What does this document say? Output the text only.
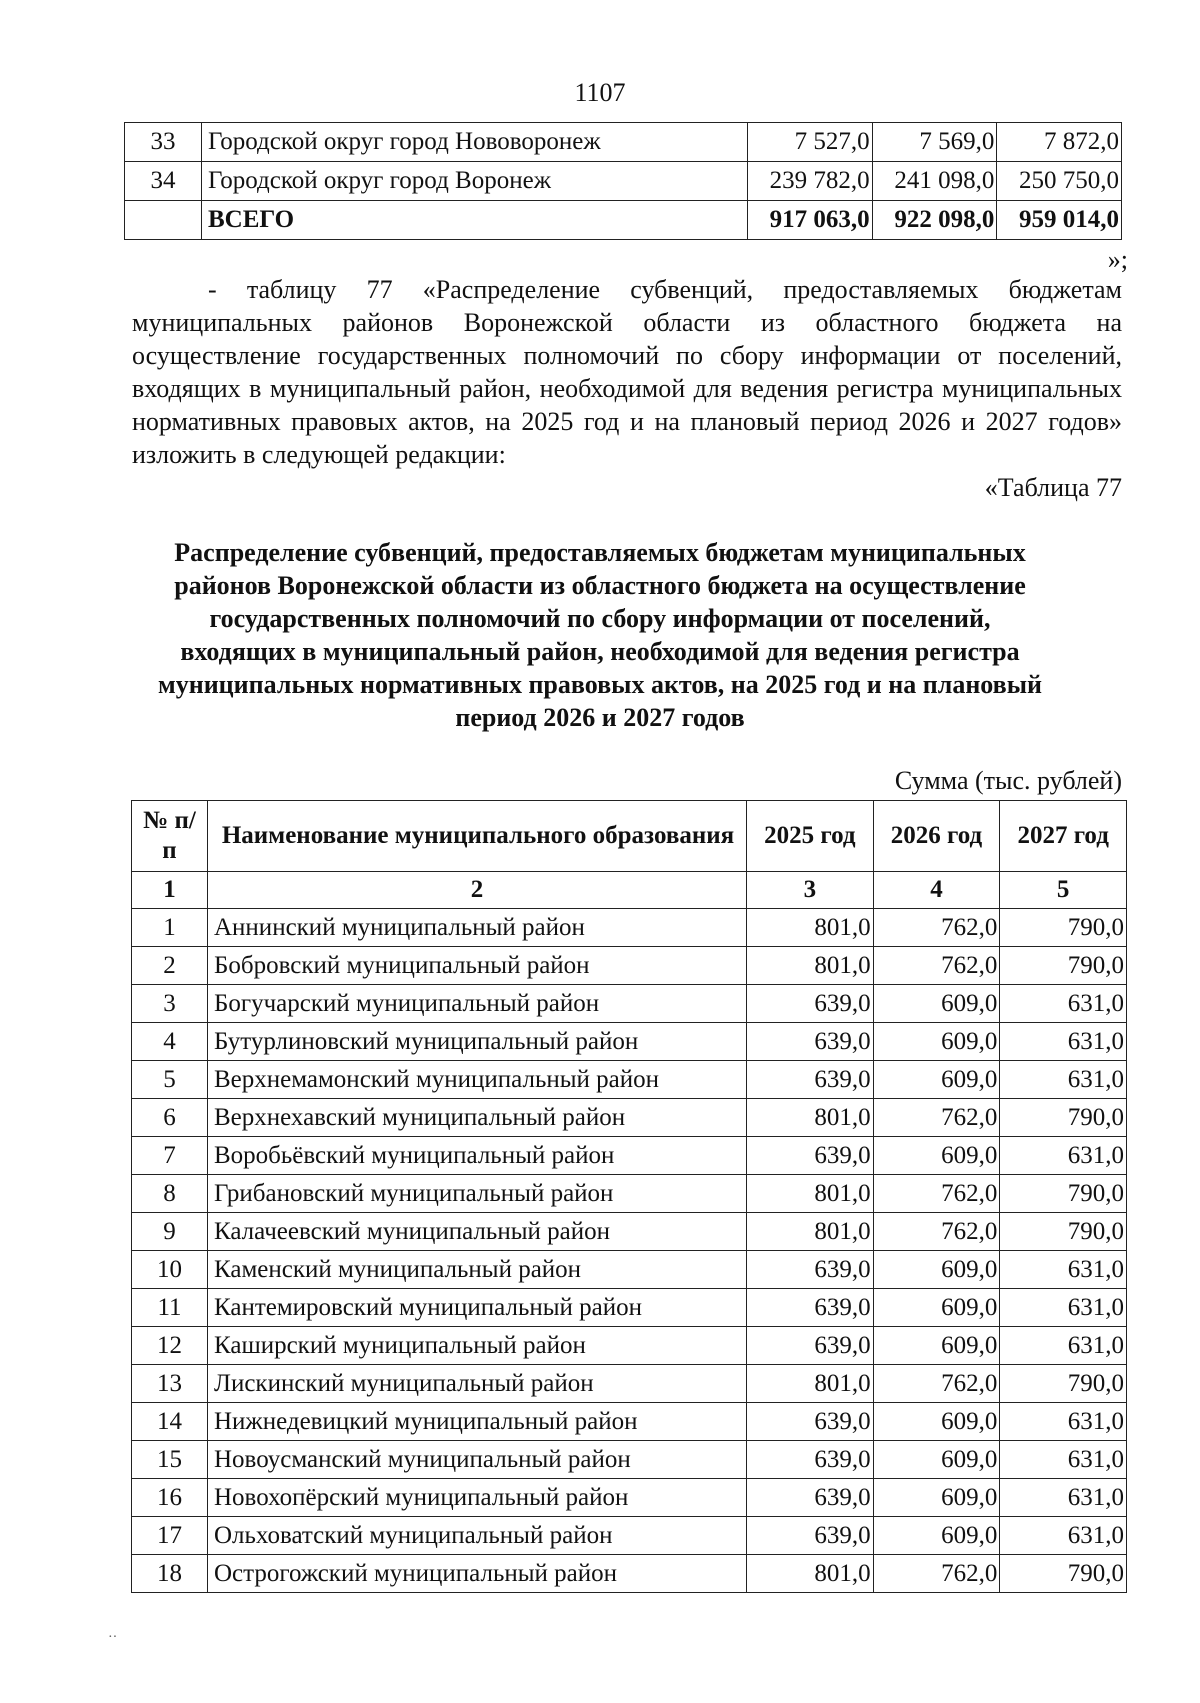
1107
33	Городской округ город Нововоронеж	7 527,0	7 569,0	7 872,0
34	Городской округ город Воронеж	239 782,0	241 098,0	250 750,0
	ВСЕГО	917 063,0	922 098,0	959 014,0
»;

- таблицу 77 «Распределение субвенций, предоставляемых бюджетам муниципальных районов Воронежской области из областного бюджета на осуществление государственных полномочий по сбору информации от поселений, входящих в муниципальный район, необходимой для ведения регистра муниципальных нормативных правовых актов, на 2025 год и на плановый период 2026 и 2027 годов» изложить в следующей редакции:

«Таблица 77

Распределение субвенций, предоставляемых бюджетам муниципальных районов Воронежской области из областного бюджета на осуществление государственных полномочий по сбору информации от поселений, входящих в муниципальный район, необходимой для ведения регистра муниципальных нормативных правовых актов, на 2025 год и на плановый период 2026 и 2027 годов

Сумма (тыс. рублей)
№ п/п	Наименование муниципального образования	2025 год	2026 год	2027 год
1	2	3	4	5
1	Аннинский муниципальный район	801,0	762,0	790,0
2	Бобровский муниципальный район	801,0	762,0	790,0
3	Богучарский муниципальный район	639,0	609,0	631,0
4	Бутурлиновский муниципальный район	639,0	609,0	631,0
5	Верхнемамонский муниципальный район	639,0	609,0	631,0
6	Верхнехавский муниципальный район	801,0	762,0	790,0
7	Воробьёвский муниципальный район	639,0	609,0	631,0
8	Грибановский муниципальный район	801,0	762,0	790,0
9	Калачеевский муниципальный район	801,0	762,0	790,0
10	Каменский муниципальный район	639,0	609,0	631,0
11	Кантемировский муниципальный район	639,0	609,0	631,0
12	Каширский муниципальный район	639,0	609,0	631,0
13	Лискинский муниципальный район	801,0	762,0	790,0
14	Нижнедевицкий муниципальный район	639,0	609,0	631,0
15	Новоусманский муниципальный район	639,0	609,0	631,0
16	Новохопёрский муниципальный район	639,0	609,0	631,0
17	Ольховатский муниципальный район	639,0	609,0	631,0
18	Острогожский муниципальный район	801,0	762,0	790,0
··
